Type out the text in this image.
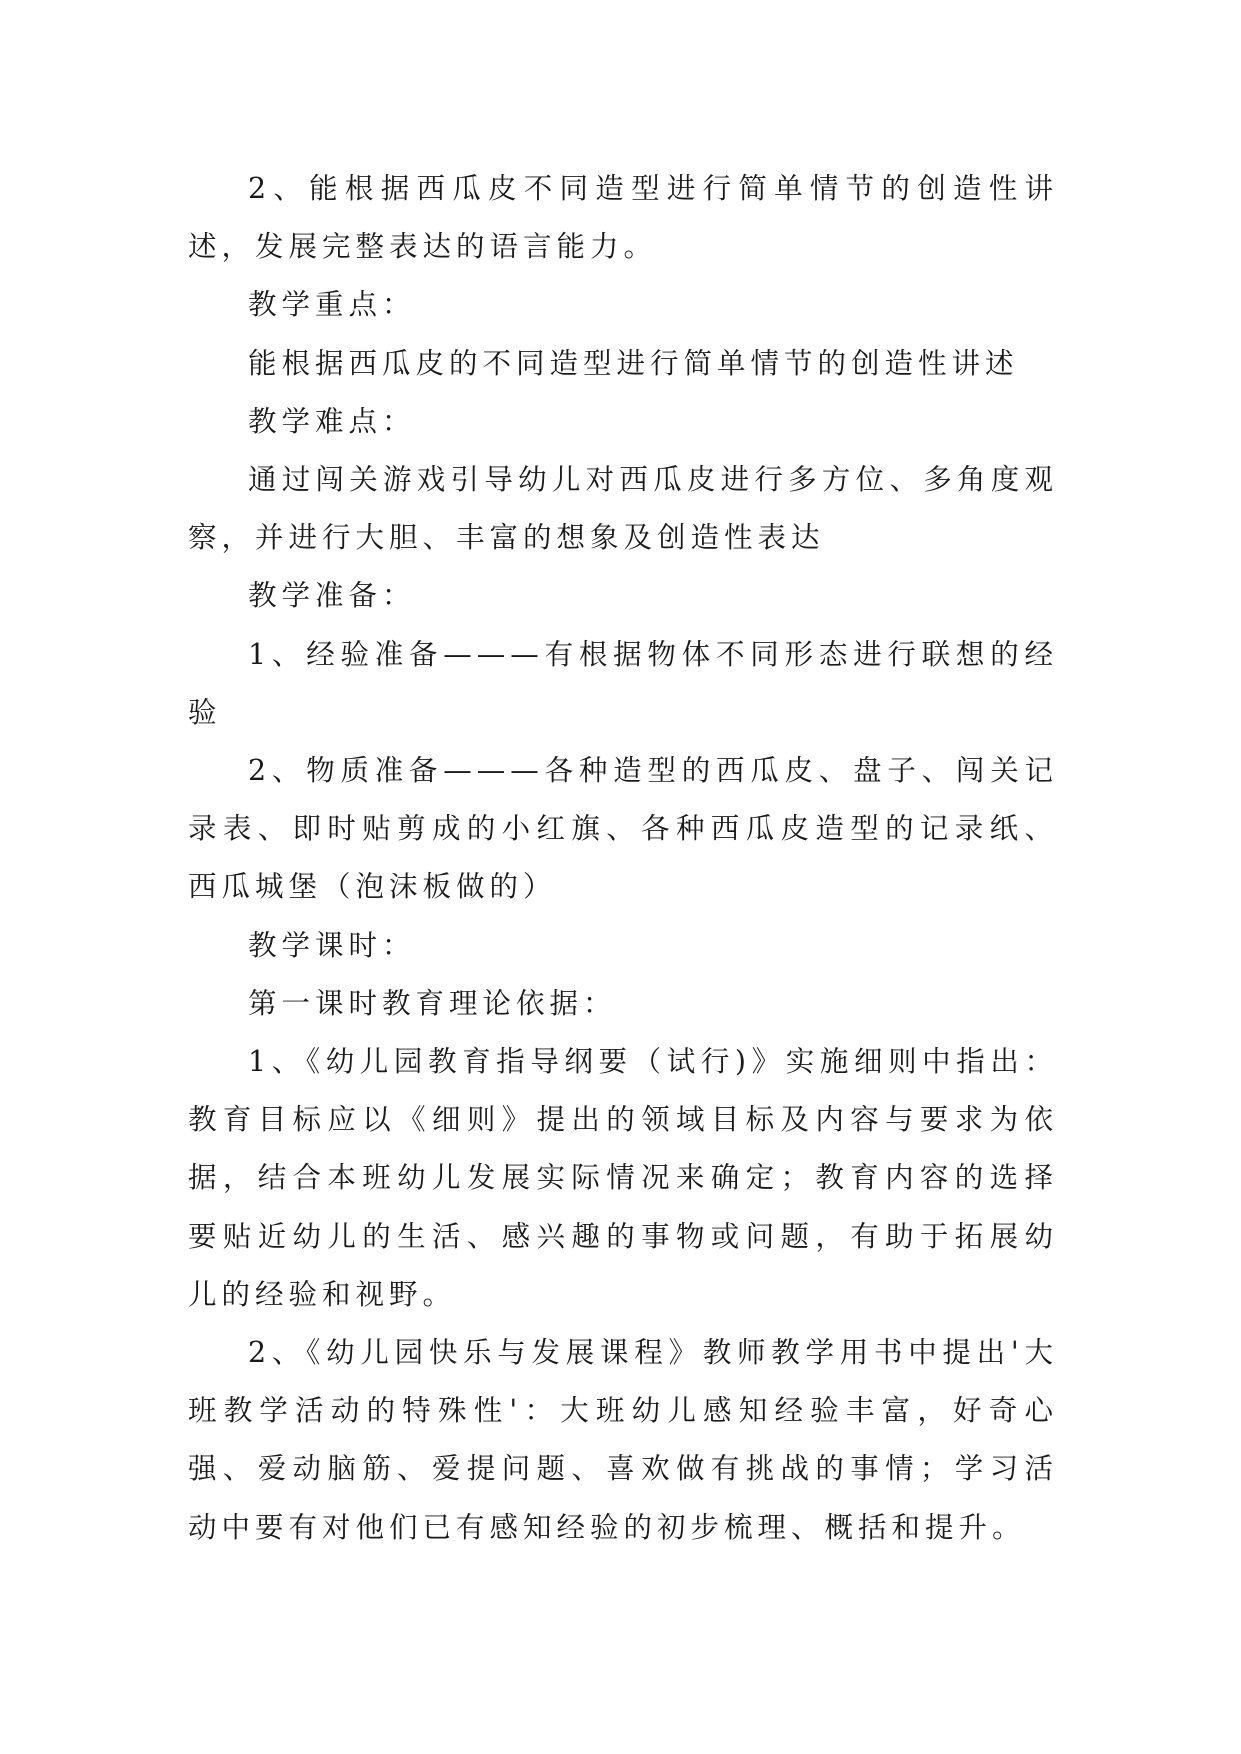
2、能根据西瓜皮不同造型进行简单情节的创造性讲述，发展完整表达的语言能力。

教学重点：

能根据西瓜皮的不同造型进行简单情节的创造性讲述

教学难点：

通过闯关游戏引导幼儿对西瓜皮进行多方位、多角度观察，并进行大胆、丰富的想象及创造性表达

教学准备：

1、经验准备———有根据物体不同形态进行联想的经验

2、物质准备———各种造型的西瓜皮、盘子、闯关记录表、即时贴剪成的小红旗、各种西瓜皮造型的记录纸、西瓜城堡（泡沫板做的）

教学课时：

第一课时教育理论依据：

1、《幼儿园教育指导纲要（试行)》实施细则中指出：教育目标应以《细则》提出的领域目标及内容与要求为依据，结合本班幼儿发展实际情况来确定；教育内容的选择要贴近幼儿的生活、感兴趣的事物或问题，有助于拓展幼儿的经验和视野。

2、《幼儿园快乐与发展课程》教师教学用书中提出'大班教学活动的特殊性'：大班幼儿感知经验丰富，好奇心强、爱动脑筋、爱提问题、喜欢做有挑战的事情；学习活动中要有对他们已有感知经验的初步梳理、概括和提升。
